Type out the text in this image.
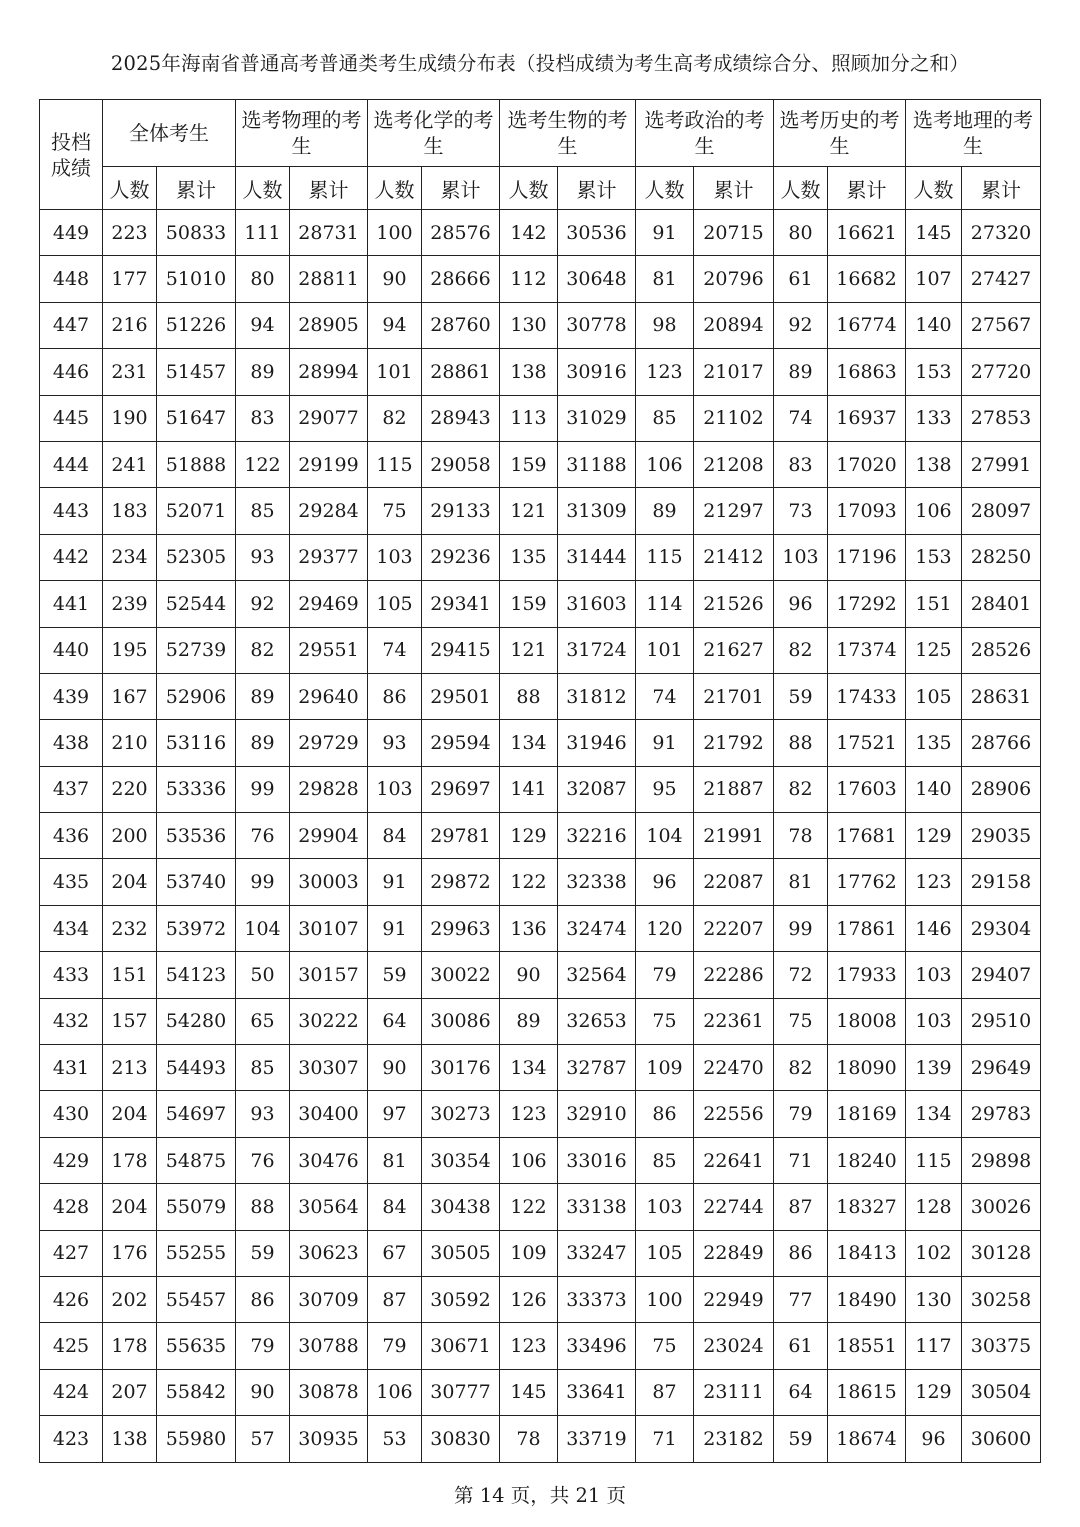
2025年海南省普通高考普通类考生成绩分布表（投档成绩为考生高考成绩综合分、照顾加分之和）
投档成绩	全体考生		选考物理的考生		选考化学的考生		选考生物的考生		选考政治的考生		选考历史的考生		选考地理的考生	
	人数	累计	人数	累计	人数	累计	人数	累计	人数	累计	人数	累计	人数	累计
449	223	50833	111	28731	100	28576	142	30536	91	20715	80	16621	145	27320
448	177	51010	80	28811	90	28666	112	30648	81	20796	61	16682	107	27427
447	216	51226	94	28905	94	28760	130	30778	98	20894	92	16774	140	27567
446	231	51457	89	28994	101	28861	138	30916	123	21017	89	16863	153	27720
445	190	51647	83	29077	82	28943	113	31029	85	21102	74	16937	133	27853
444	241	51888	122	29199	115	29058	159	31188	106	21208	83	17020	138	27991
443	183	52071	85	29284	75	29133	121	31309	89	21297	73	17093	106	28097
442	234	52305	93	29377	103	29236	135	31444	115	21412	103	17196	153	28250
441	239	52544	92	29469	105	29341	159	31603	114	21526	96	17292	151	28401
440	195	52739	82	29551	74	29415	121	31724	101	21627	82	17374	125	28526
439	167	52906	89	29640	86	29501	88	31812	74	21701	59	17433	105	28631
438	210	53116	89	29729	93	29594	134	31946	91	21792	88	17521	135	28766
437	220	53336	99	29828	103	29697	141	32087	95	21887	82	17603	140	28906
436	200	53536	76	29904	84	29781	129	32216	104	21991	78	17681	129	29035
435	204	53740	99	30003	91	29872	122	32338	96	22087	81	17762	123	29158
434	232	53972	104	30107	91	29963	136	32474	120	22207	99	17861	146	29304
433	151	54123	50	30157	59	30022	90	32564	79	22286	72	17933	103	29407
432	157	54280	65	30222	64	30086	89	32653	75	22361	75	18008	103	29510
431	213	54493	85	30307	90	30176	134	32787	109	22470	82	18090	139	29649
430	204	54697	93	30400	97	30273	123	32910	86	22556	79	18169	134	29783
429	178	54875	76	30476	81	30354	106	33016	85	22641	71	18240	115	29898
428	204	55079	88	30564	84	30438	122	33138	103	22744	87	18327	128	30026
427	176	55255	59	30623	67	30505	109	33247	105	22849	86	18413	102	30128
426	202	55457	86	30709	87	30592	126	33373	100	22949	77	18490	130	30258
425	178	55635	79	30788	79	30671	123	33496	75	23024	61	18551	117	30375
424	207	55842	90	30878	106	30777	145	33641	87	23111	64	18615	129	30504
423	138	55980	57	30935	53	30830	78	33719	71	23182	59	18674	96	30600
第 14 页，共 21 页
